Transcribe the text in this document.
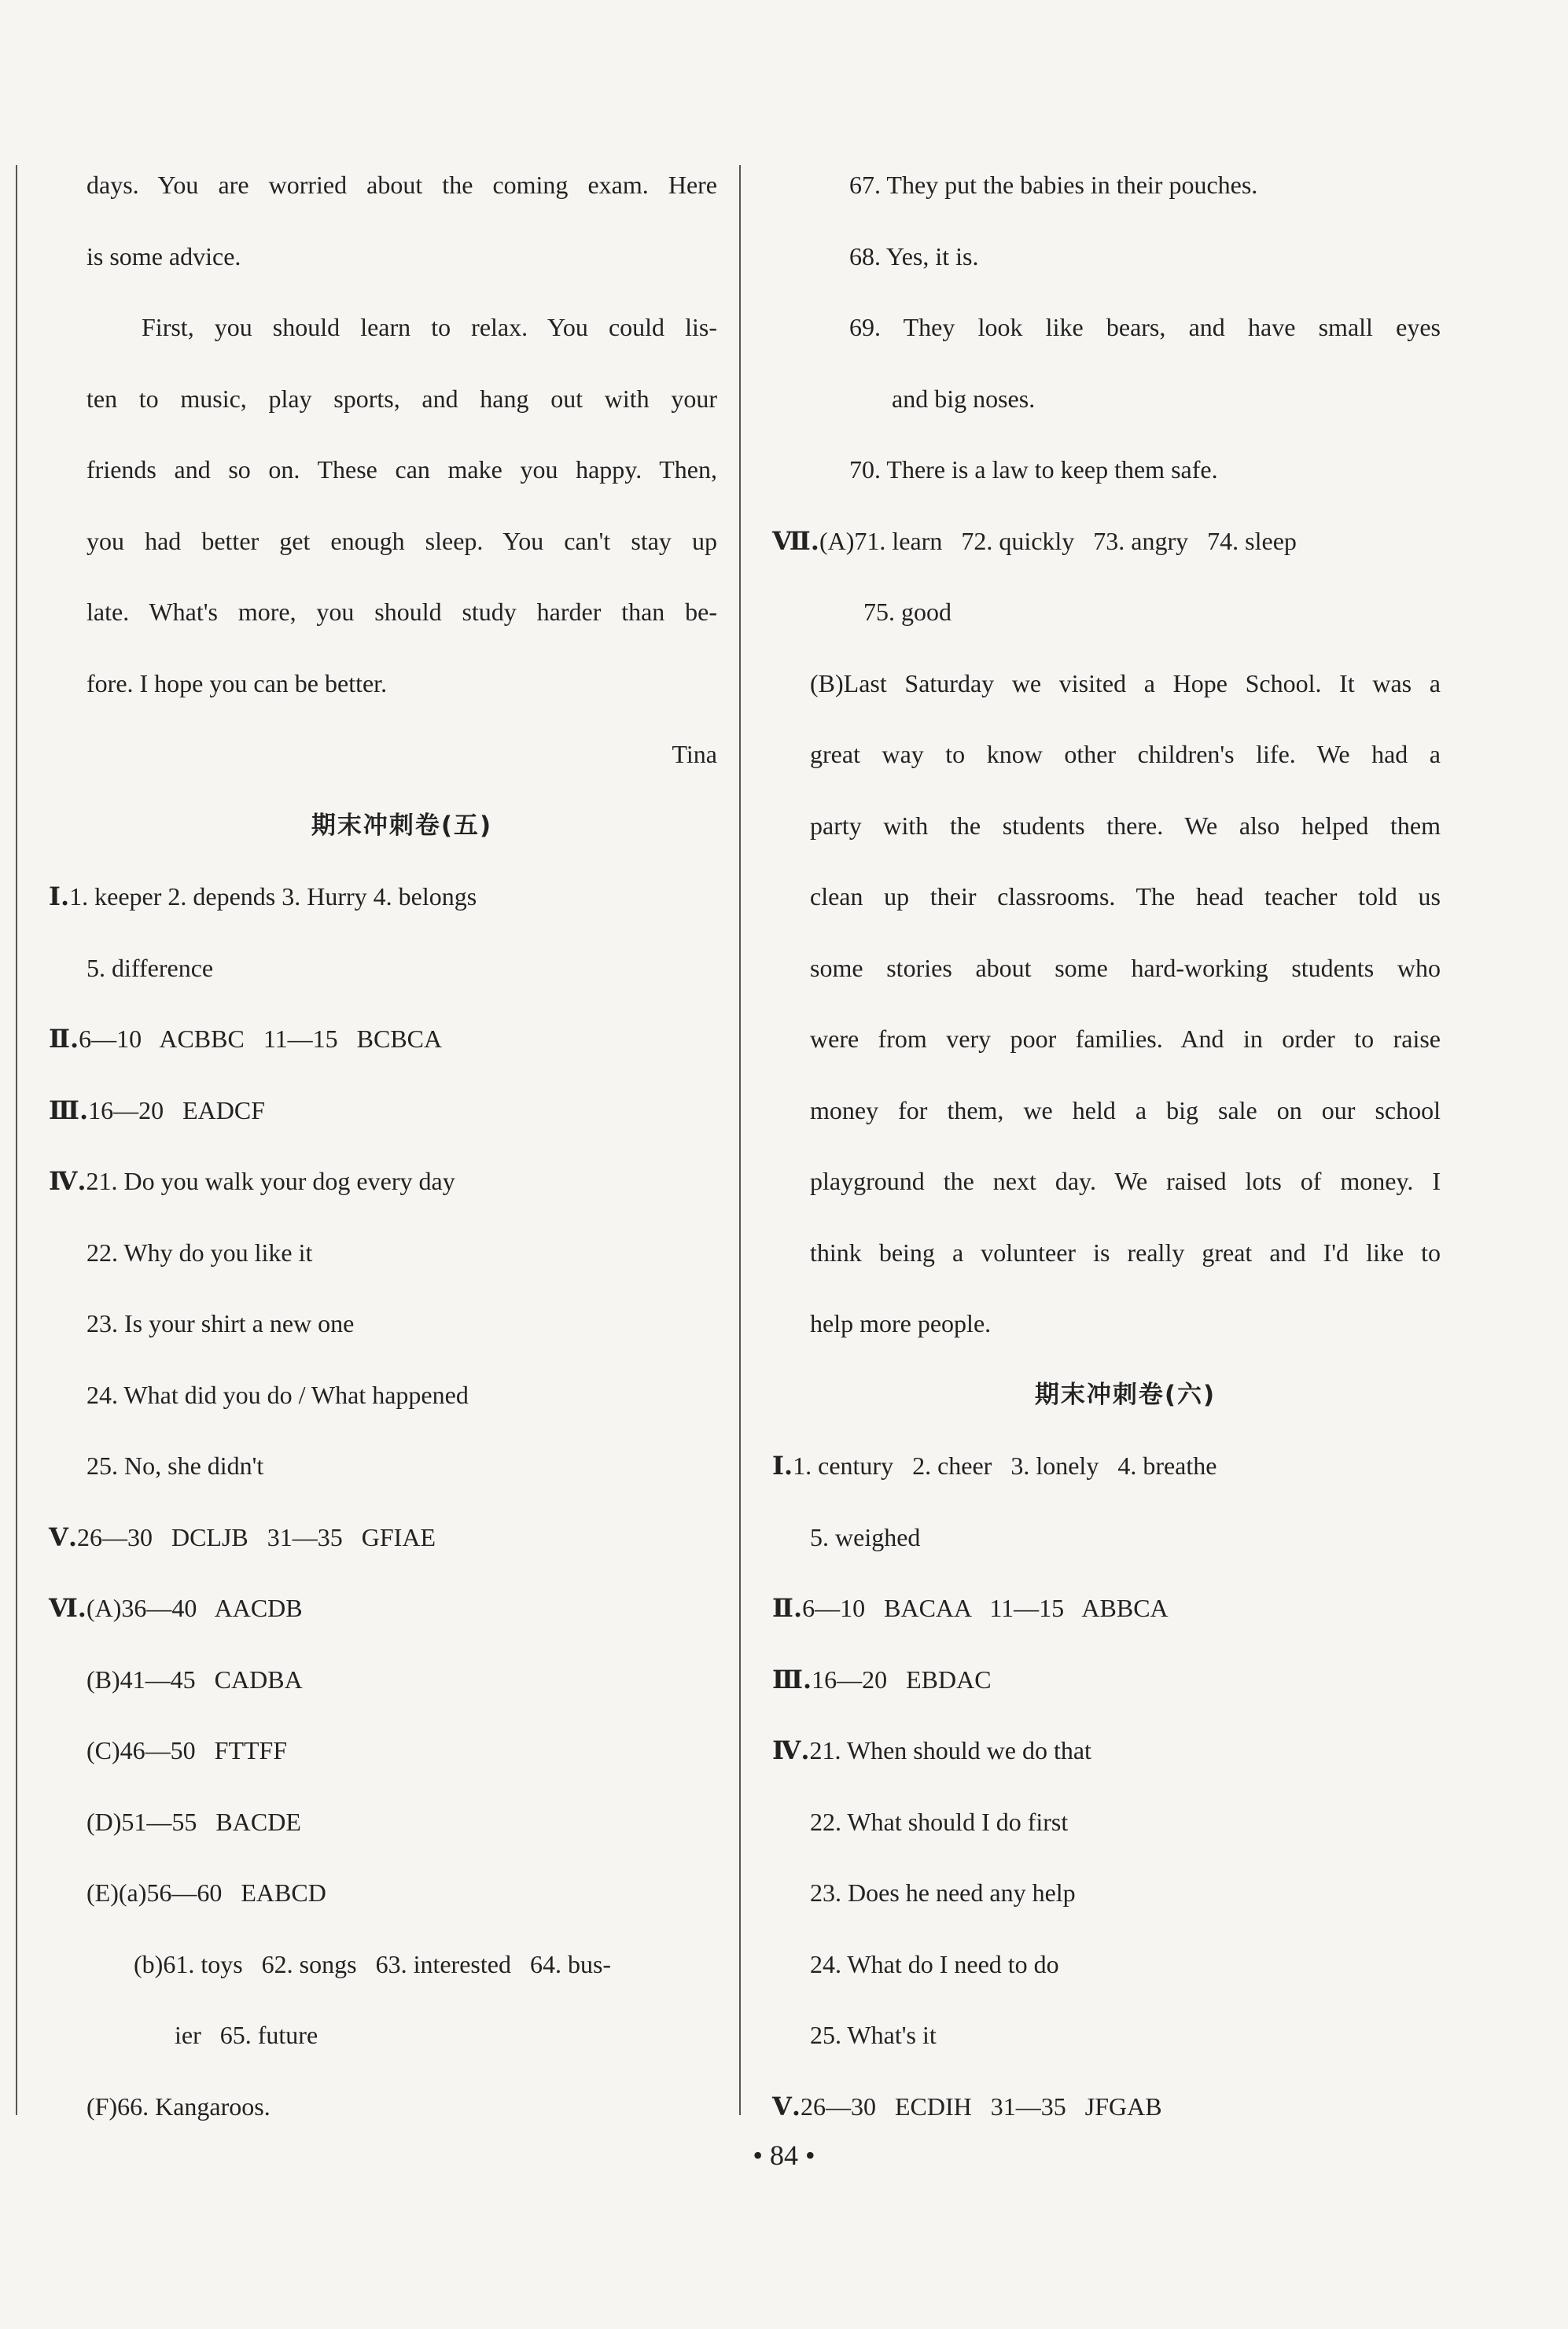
days. You are worried about the coming exam. Here
is some advice.
First, you should learn to relax. You could lis-
ten to music, play sports, and hang out with your
friends and so on. These can make you happy. Then,
you had better get enough sleep. You can't stay up
late. What's more, you should study harder than be-
fore. I hope you can be better.
Tina
期末冲刺卷(五)
Ⅰ.1. keeper 2. depends 3. Hurry 4. belongs
5. difference
Ⅱ.6—10   ACBBC   11—15   BCBCA
Ⅲ.16—20   EADCF
Ⅳ.21. Do you walk your dog every day
22. Why do you like it
23. Is your shirt a new one
24. What did you do / What happened
25. No, she didn't
Ⅴ.26—30   DCLJB   31—35   GFIAE
Ⅵ.(A)36—40   AACDB
(B)41—45   CADBA
(C)46—50   FTTFF
(D)51—55   BACDE
(E)(a)56—60   EABCD
(b)61. toys   62. songs   63. interested   64. bus-
ier   65. future
(F)66. Kangaroos.
67. They put the babies in their pouches.
68. Yes, it is.
69. They look like bears, and have small eyes
and big noses.
70. There is a law to keep them safe.
Ⅶ.(A)71. learn   72. quickly   73. angry   74. sleep
75. good
(B)Last Saturday we visited a Hope School. It was a
great way to know other children's life. We had a
party with the students there. We also helped them
clean up their classrooms. The head teacher told us
some stories about some hard-working students who
were from very poor families. And in order to raise
money for them, we held a big sale on our school
playground the next day. We raised lots of money. I
think being a volunteer is really great and I'd like to
help more people.
期末冲刺卷(六)
Ⅰ.1. century   2. cheer   3. lonely   4. breathe
5. weighed
Ⅱ.6—10   BACAA   11—15   ABBCA
Ⅲ.16—20   EBDAC
Ⅳ.21. When should we do that
22. What should I do first
23. Does he need any help
24. What do I need to do
25. What's it
Ⅴ.26—30   ECDIH   31—35   JFGAB
• 84 •
